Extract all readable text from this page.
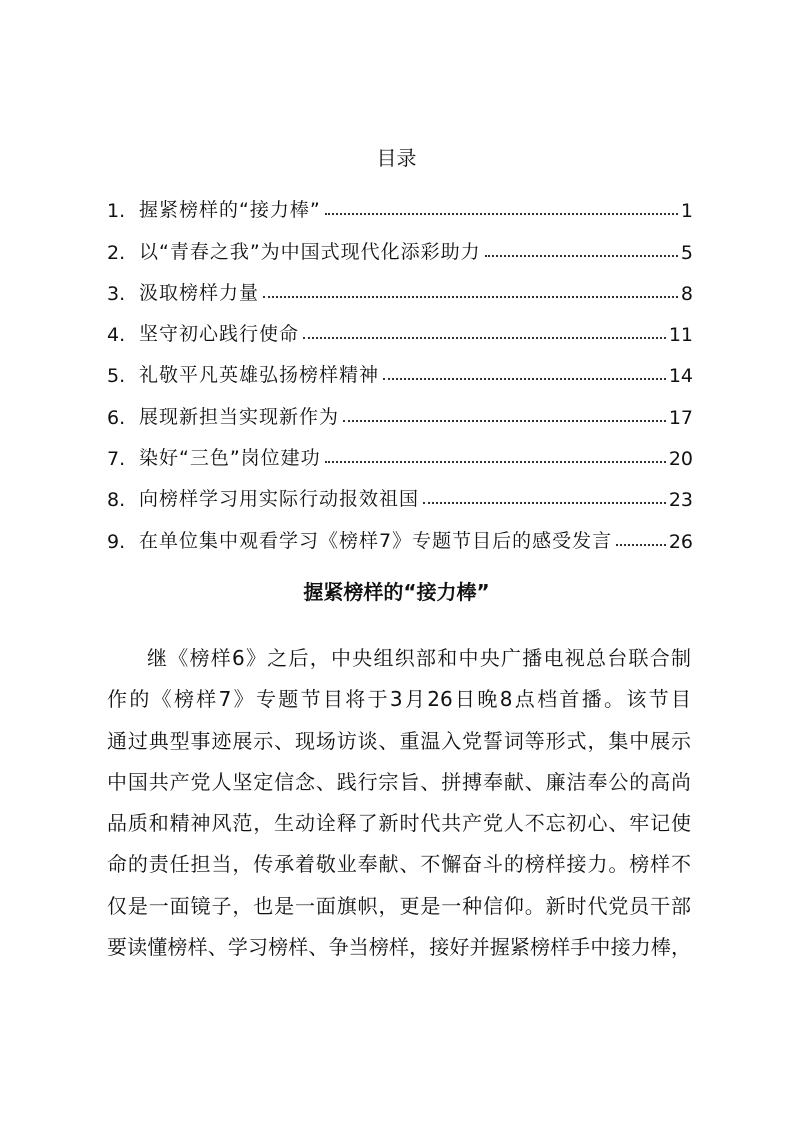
目录
1. 握紧榜样的“接力棒”	1
2. 以“青春之我”为中国式现代化添彩助力	5
3. 汲取榜样力量	8
4. 坚守初心践行使命	11
5. 礼敬平凡英雄弘扬榜样精神	14
6. 展现新担当实现新作为	17
7. 染好“三色”岗位建功	20
8. 向榜样学习用实际行动报效祖国	23
9. 在单位集中观看学习《榜样7》专题节目后的感受发言	26
握紧榜样的“接力棒”
继《榜样6》之后，中央组织部和中央广播电视总台联合制
作的《榜样7》专题节目将于3月26日晚8点档首播。该节目
通过典型事迹展示、现场访谈、重温入党誓词等形式，集中展示
中国共产党人坚定信念、践行宗旨、拼搏奉献、廉洁奉公的高尚
品质和精神风范，生动诠释了新时代共产党人不忘初心、牢记使
命的责任担当，传承着敬业奉献、不懈奋斗的榜样接力。榜样不
仅是一面镜子，也是一面旗帜，更是一种信仰。新时代党员干部
要读懂榜样、学习榜样、争当榜样，接好并握紧榜样手中接力棒，
